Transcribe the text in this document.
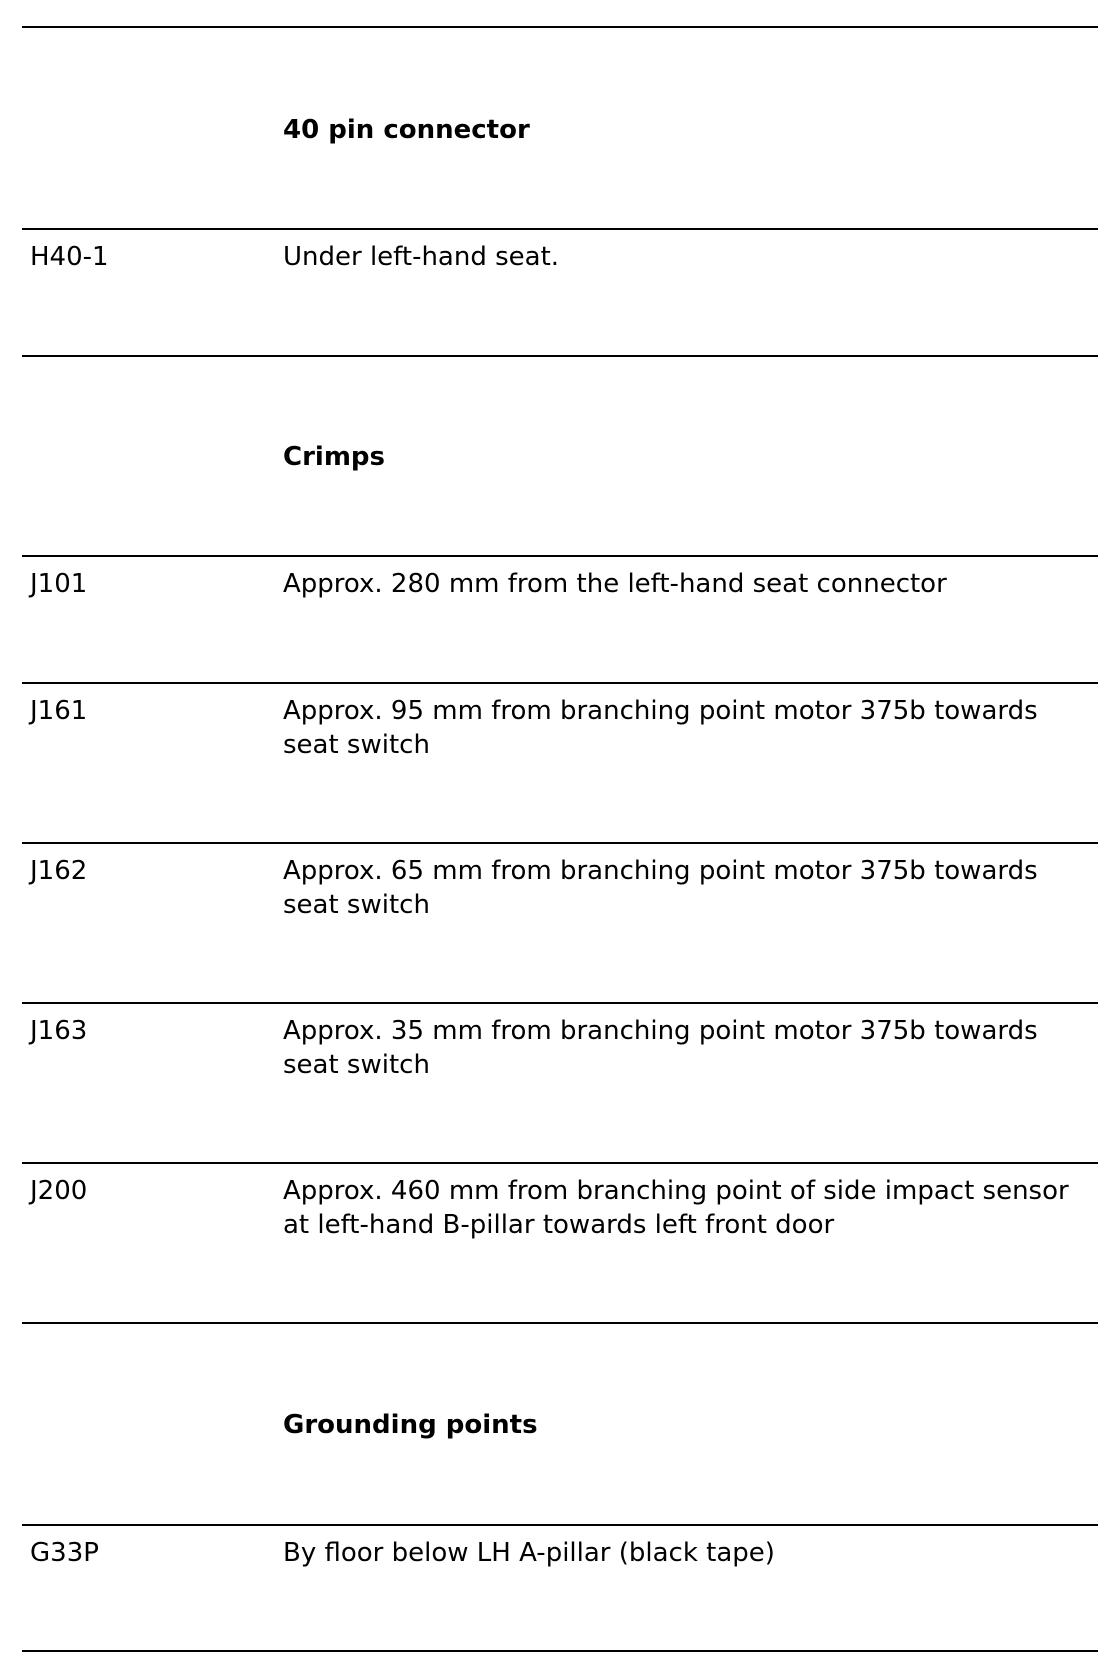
40 pin connector
H40-1	Under left-hand seat.
Crimps
J101	Approx. 280 mm from the left-hand seat connector
J161	Approx. 95 mm from branching point motor 375b towards seat switch
J162	Approx. 65 mm from branching point motor 375b towards seat switch
J163	Approx. 35 mm from branching point motor 375b towards seat switch
J200	Approx. 460 mm from branching point of side impact sensor at left-hand B-pillar towards left front door
Grounding points
G33P	By floor below LH A-pillar (black tape)
